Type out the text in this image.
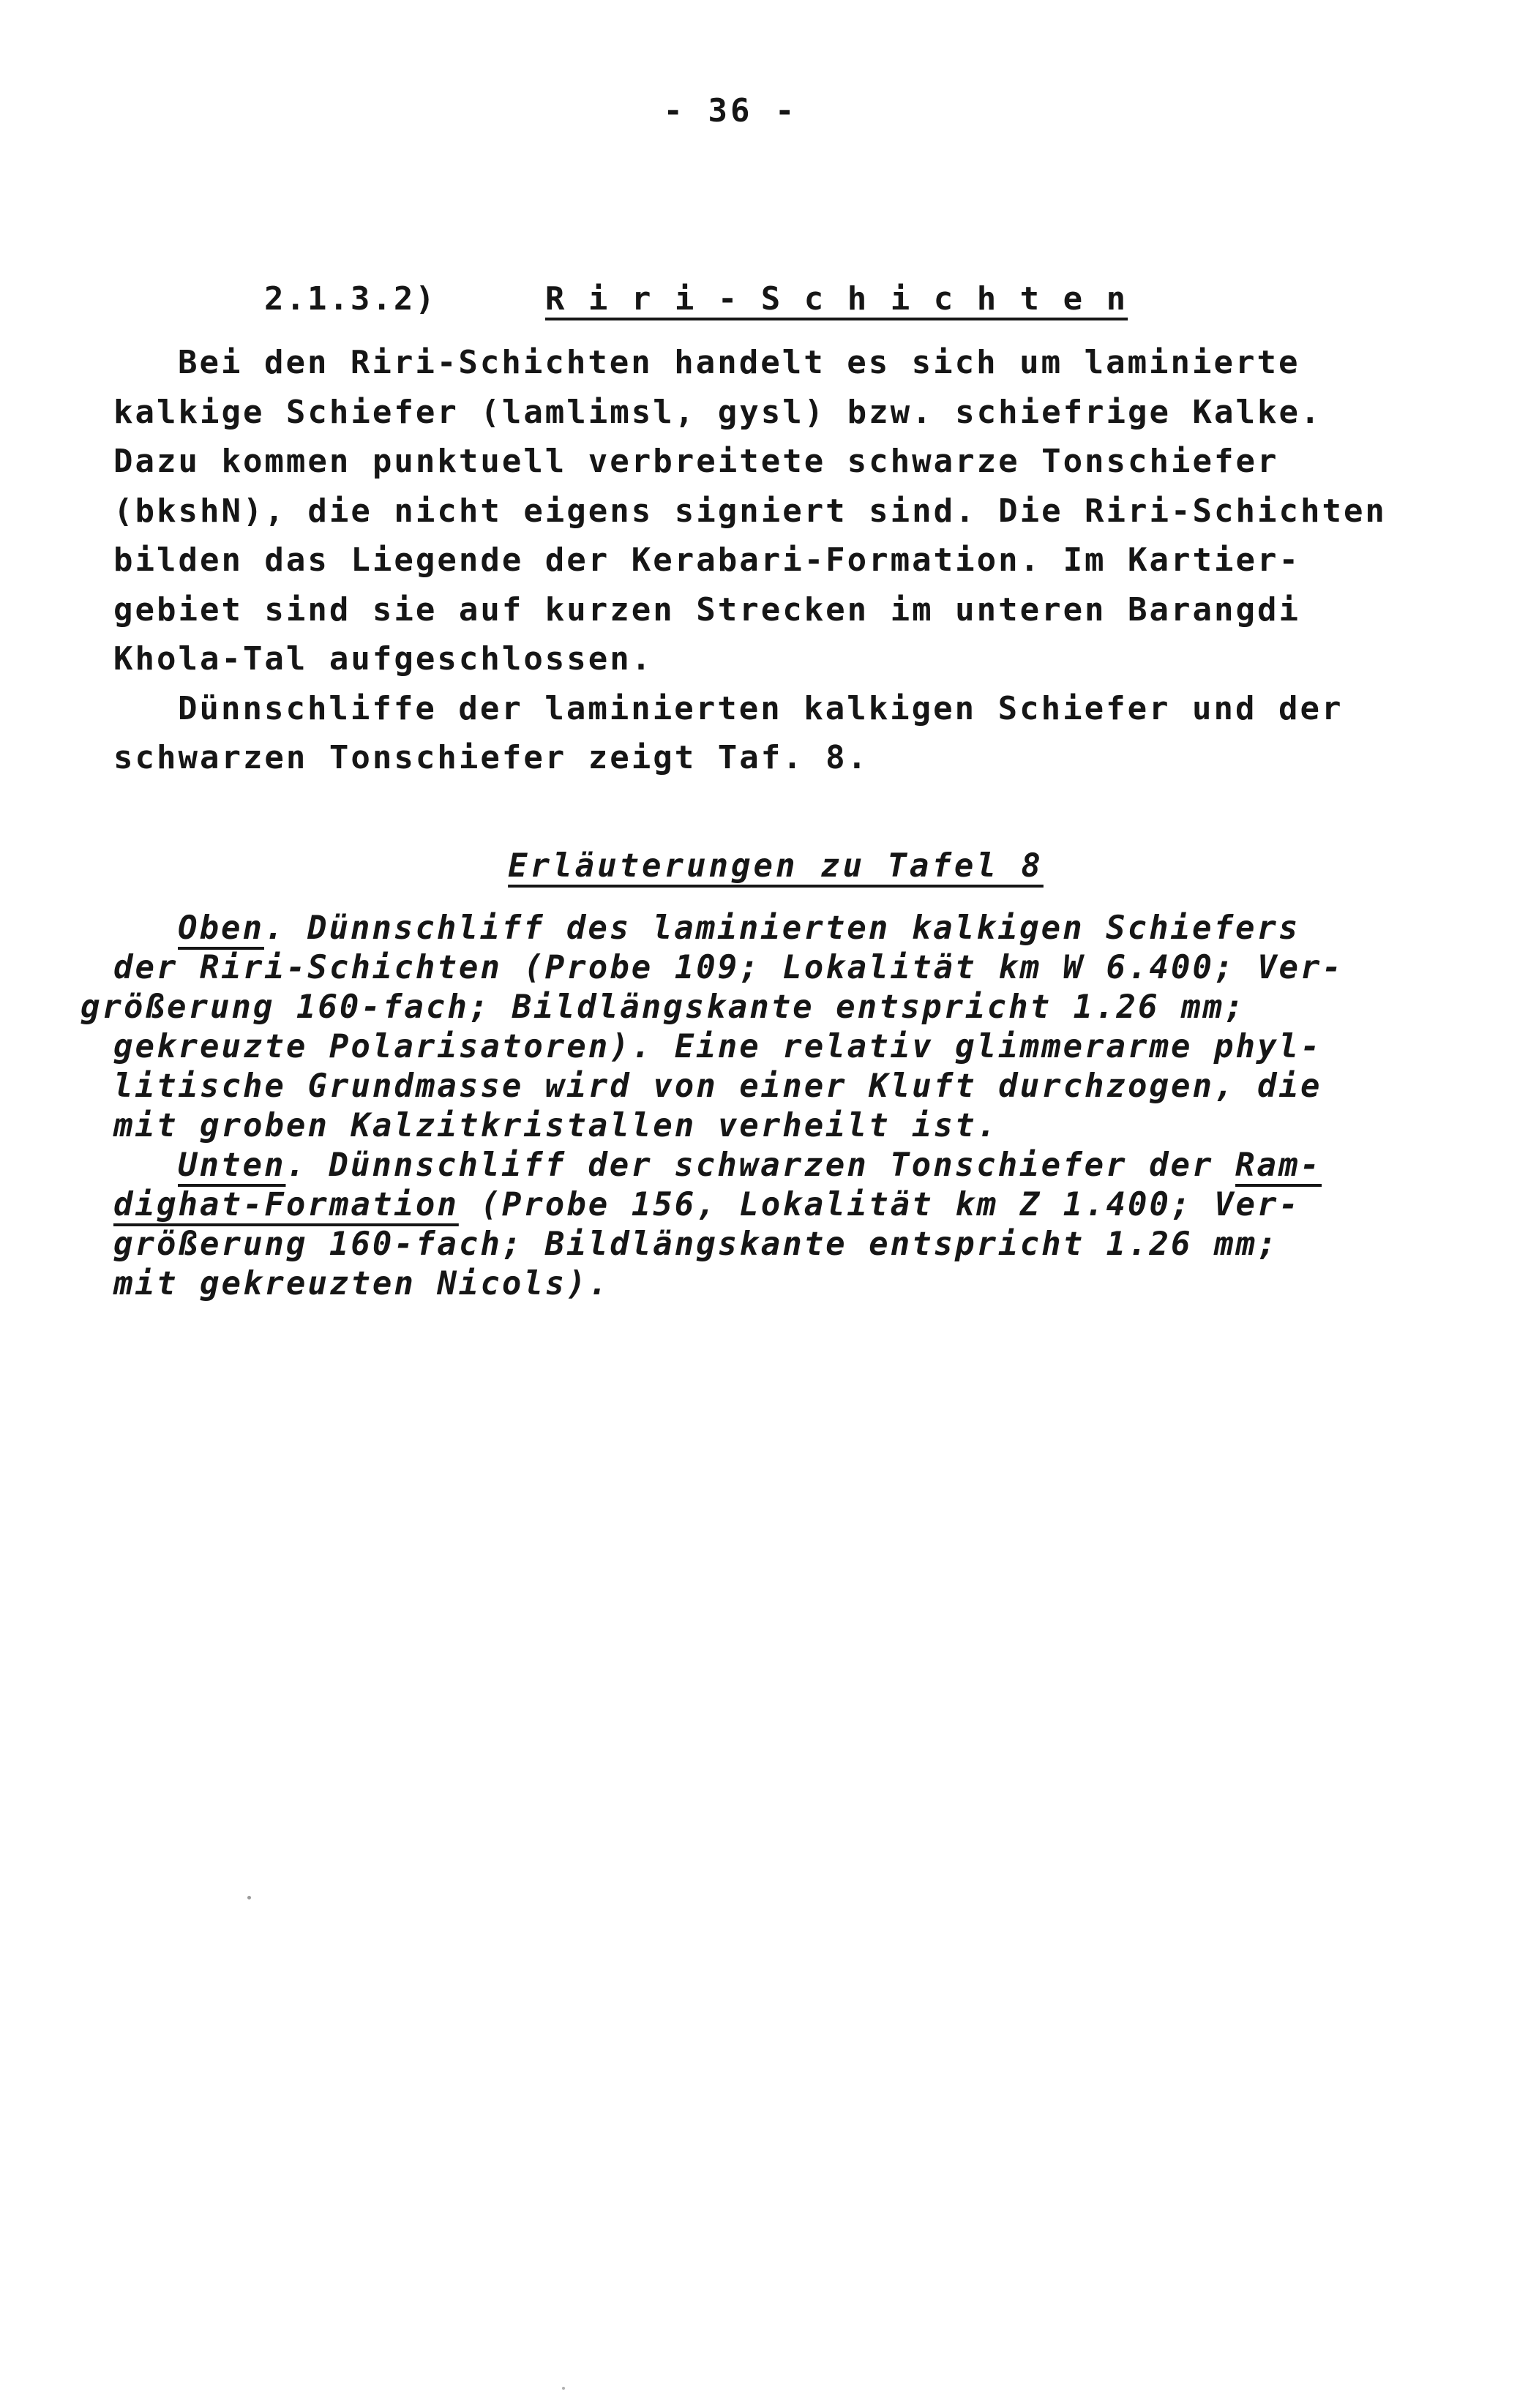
- 36 -

2.1.3.2)	R i r i - S c h i c h t e n

Bei den Riri-Schichten handelt es sich um laminierte
kalkige Schiefer (lamlimsl, gysl) bzw. schiefrige Kalke.
Dazu kommen punktuell verbreitete schwarze Tonschiefer
(bkshN), die nicht eigens signiert sind. Die Riri-Schichten
bilden das Liegende der Kerabari-Formation. Im Kartier-
gebiet sind sie auf kurzen Strecken im unteren Barangdi
Khola-Tal aufgeschlossen.
Dünnschliffe der laminierten kalkigen Schiefer und der
schwarzen Tonschiefer zeigt Taf. 8.
Erläuterungen zu Tafel 8
Oben. Dünnschliff des laminierten kalkigen Schiefers
der Riri-Schichten (Probe 109; Lokalität km W 6.400; Ver-
größerung 160-fach; Bildlängskante entspricht 1.26 mm;
gekreuzte Polarisatoren). Eine relativ glimmerarme phyl-
litische Grundmasse wird von einer Kluft durchzogen, die
mit groben Kalzitkristallen verheilt ist.
Unten. Dünnschliff der schwarzen Tonschiefer der Ram-
dighat-Formation (Probe 156, Lokalität km Z 1.400; Ver-
größerung 160-fach; Bildlängskante entspricht 1.26 mm;
mit gekreuzten Nicols).
